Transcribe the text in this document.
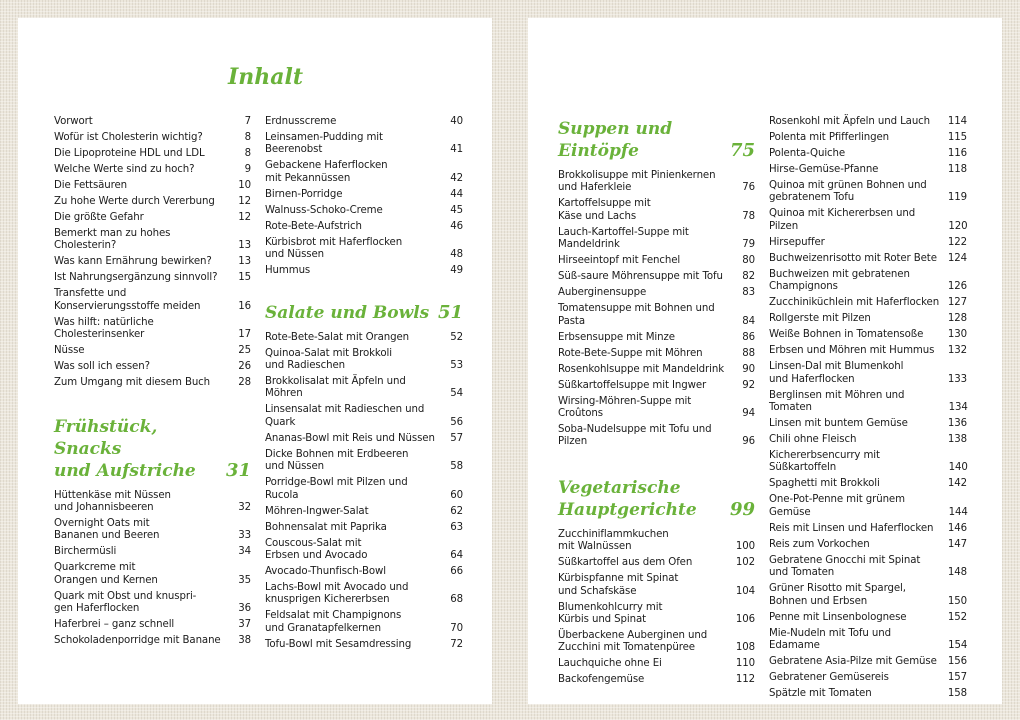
Inhalt
Vorwort	7
Wofür ist Cholesterin wichtig?	8
Die Lipoproteine HDL und LDL	8
Welche Werte sind zu hoch?	9
Die Fettsäuren	10
Zu hohe Werte durch Vererbung	12
Die größte Gefahr	12
Bemerkt man zu hohes Cholesterin?	13
Was kann Ernährung bewirken?	13
Ist Nahrungsergänzung sinnvoll?	15
Transfette und
Konservierungsstoffe meiden	16
Was hilft: natürliche
Cholesterinsenker	17
Nüsse	25
Was soll ich essen?	26
Zum Umgang mit diesem Buch	28
Frühstück, Snacks
und Aufstriche	31
Hüttenkäse mit Nüssen
und Johannisbeeren	32
Overnight Oats mit
Bananen und Beeren	33
Birchermüsli	34
Quarkcreme mit
Orangen und Kernen	35
Quark mit Obst und knuspri-
gen Haferflocken	36
Haferbrei – ganz schnell	37
Schokoladenporridge mit Banane	38
Erdnusscreme	40
Leinsamen-Pudding mit Beerenobst	41
Gebackene Haferflocken
mit Pekannüssen	42
Birnen-Porridge	44
Walnuss-Schoko-Creme	45
Rote-Bete-Aufstrich	46
Kürbisbrot mit Haferflocken
und Nüssen	48
Hummus	49
Salate und Bowls 51
Rote-Bete-Salat mit Orangen	52
Quinoa-Salat mit Brokkoli
und Radieschen	53
Brokkolisalat mit Äpfeln und Möhren	54
Linsensalat mit Radieschen und Quark	56
Ananas-Bowl mit Reis und Nüssen	57
Dicke Bohnen mit Erdbeeren
und Nüssen	58
Porridge-Bowl mit Pilzen und Rucola	60
Möhren-Ingwer-Salat	62
Bohnensalat mit Paprika	63
Couscous-Salat mit
Erbsen und Avocado	64
Avocado-Thunfisch-Bowl	66
Lachs-Bowl mit Avocado und
knusprigen Kichererbsen	68
Feldsalat mit Champignons
und Granatapfelkernen	70
Tofu-Bowl mit Sesamdressing	72
Suppen und Eintöpfe	75
Brokkolisuppe mit Pinienkernen
und Haferkleie	76
Kartoffelsuppe mit
Käse und Lachs	78
Lauch-Kartoffel-Suppe mit
Mandeldrink	79
Hirseeintopf mit Fenchel	80
Süß-saure Möhrensuppe mit Tofu	82
Auberginensuppe	83
Tomatensuppe mit Bohnen und Pasta	84
Erbsensuppe mit Minze	86
Rote-Bete-Suppe mit Möhren	88
Rosenkohlsuppe mit Mandeldrink	90
Süßkartoffelsuppe mit Ingwer	92
Wirsing-Möhren-Suppe mit Croûtons	94
Soba-Nudelsuppe mit Tofu und Pilzen	96
Vegetarische
Hauptgerichte 99
Zucchiniflammkuchen
mit Walnüssen	100
Süßkartoffel aus dem Ofen	102
Kürbispfanne mit Spinat
und Schafskäse	104
Blumenkohlcurry mit
Kürbis und Spinat	106
Überbackene Auberginen und
Zucchini mit Tomatenpüree	108
Lauchquiche ohne Ei	110
Backofengemüse	112
Rosenkohl mit Äpfeln und Lauch	114
Polenta mit Pfifferlingen	115
Polenta-Quiche	116
Hirse-Gemüse-Pfanne	118
Quinoa mit grünen Bohnen und
gebratenem Tofu	119
Quinoa mit Kichererbsen und Pilzen	120
Hirsepuffer	122
Buchweizenrisotto mit Roter Bete	124
Buchweizen mit gebratenen
Champignons	126
Zucchiniküchlein mit Haferflocken 127
Rollgerste mit Pilzen	128
Weiße Bohnen in Tomatensoße	130
Erbsen und Möhren mit Hummus	132
Linsen-Dal mit Blumenkohl
und Haferflocken	133
Berglinsen mit Möhren und Tomaten	134
Linsen mit buntem Gemüse	136
Chili ohne Fleisch	138
Kichererbsencurry mit Süßkartoffeln	140
Spaghetti mit Brokkoli	142
One-Pot-Penne mit grünem Gemüse	144
Reis mit Linsen und Haferflocken	146
Reis zum Vorkochen	147
Gebratene Gnocchi mit Spinat
und Tomaten	148
Grüner Risotto mit Spargel,
Bohnen und Erbsen	150
Penne mit Linsenbolognese	152
Mie-Nudeln mit Tofu und Edamame	154
Gebratene Asia-Pilze mit Gemüse	156
Gebratener Gemüsereis	157
Spätzle mit Tomaten	158
